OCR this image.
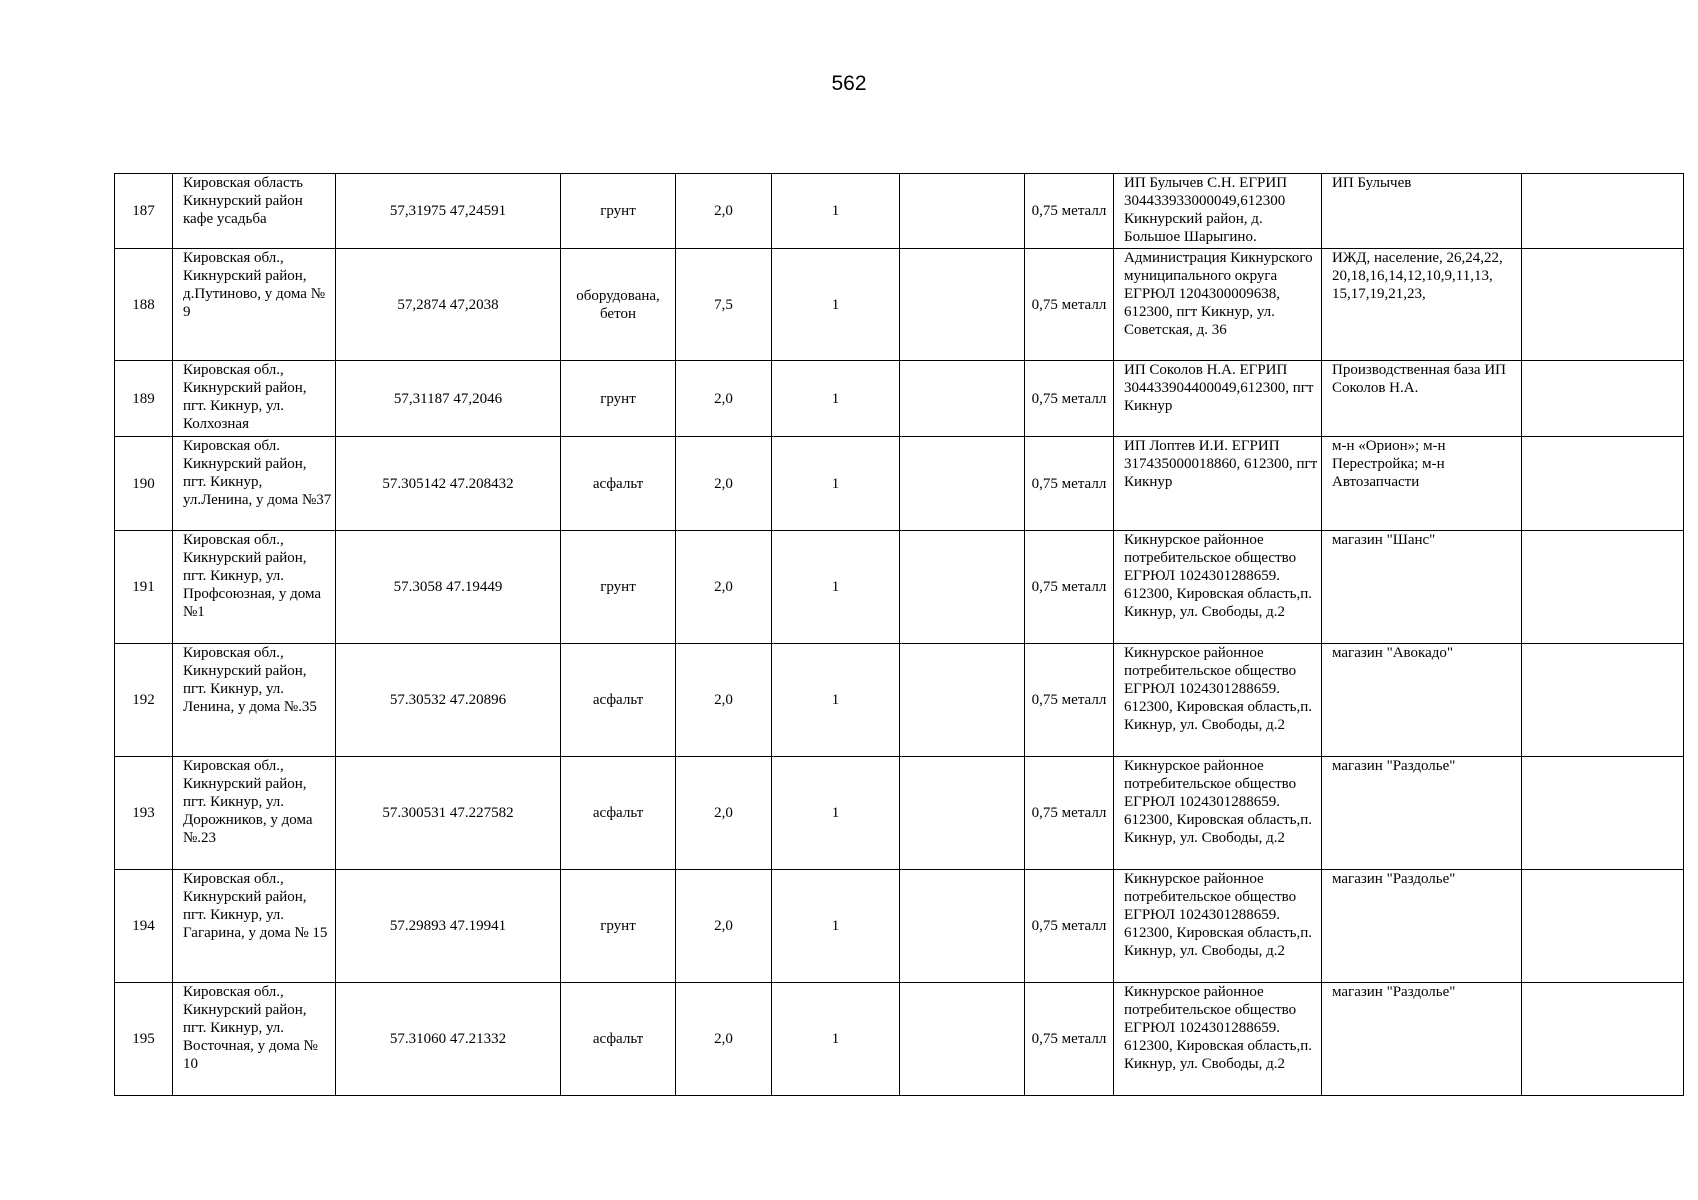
562
187	Кировская область Кикнурский район кафе усадьба	57,31975 47,24591	грунт	2,0	1		0,75 металл	ИП Булычев С.Н. ЕГРИП 304433933000049,612300 Кикнурский район, д. Большое Шарыгино.	ИП Булычев	
188	Кировская обл., Кикнурский район, д.Путиново, у дома № 9	57,2874 47,2038	оборудована, бетон	7,5	1		0,75 металл	Администрация Кикнурского муниципального округа ЕГРЮЛ 1204300009638, 612300, пгт Кикнур, ул. Советская, д. 36	ИЖД, население, 26,24,22, 20,18,16,14,12,10,9,11,13, 15,17,19,21,23,	
189	Кировская обл., Кикнурский район, пгт. Кикнур, ул. Колхозная	57,31187 47,2046	грунт	2,0	1		0,75 металл	ИП Соколов Н.А. ЕГРИП 304433904400049,612300, пгт Кикнур	Производственная база ИП Соколов Н.А.	
190	Кировская обл. Кикнурский район, пгт. Кикнур, ул.Ленина, у дома №37	57.305142 47.208432	асфальт	2,0	1		0,75 металл	ИП Лоптев И.И. ЕГРИП 317435000018860, 612300, пгт Кикнур	м-н «Орион»; м-н Перестройка; м-н Автозапчасти	
191	Кировская обл., Кикнурский район, пгт. Кикнур, ул. Профсоюзная, у дома №1	57.3058 47.19449	грунт	2,0	1		0,75 металл	Кикнурское районное потребительское общество ЕГРЮЛ 1024301288659. 612300, Кировская область,п. Кикнур, ул. Свободы, д.2	магазин "Шанс"	
192	Кировская обл., Кикнурский район, пгт. Кикнур, ул. Ленина, у дома №.35	57.30532 47.20896	асфальт	2,0	1		0,75 металл	Кикнурское районное потребительское общество ЕГРЮЛ 1024301288659. 612300, Кировская область,п. Кикнур, ул. Свободы, д.2	магазин "Авокадо"	
193	Кировская обл., Кикнурский район, пгт. Кикнур, ул. Дорожников, у дома №.23	57.300531 47.227582	асфальт	2,0	1		0,75 металл	Кикнурское районное потребительское общество ЕГРЮЛ 1024301288659. 612300, Кировская область,п. Кикнур, ул. Свободы, д.2	магазин "Раздолье"	
194	Кировская обл., Кикнурский район, пгт. Кикнур, ул. Гагарина, у дома № 15	57.29893 47.19941	грунт	2,0	1		0,75 металл	Кикнурское районное потребительское общество ЕГРЮЛ 1024301288659. 612300, Кировская область,п. Кикнур, ул. Свободы, д.2	магазин "Раздолье"	
195	Кировская обл., Кикнурский район, пгт. Кикнур, ул. Восточная, у дома № 10	57.31060 47.21332	асфальт	2,0	1		0,75 металл	Кикнурское районное потребительское общество ЕГРЮЛ 1024301288659. 612300, Кировская область,п. Кикнур, ул. Свободы, д.2	магазин "Раздолье"	
